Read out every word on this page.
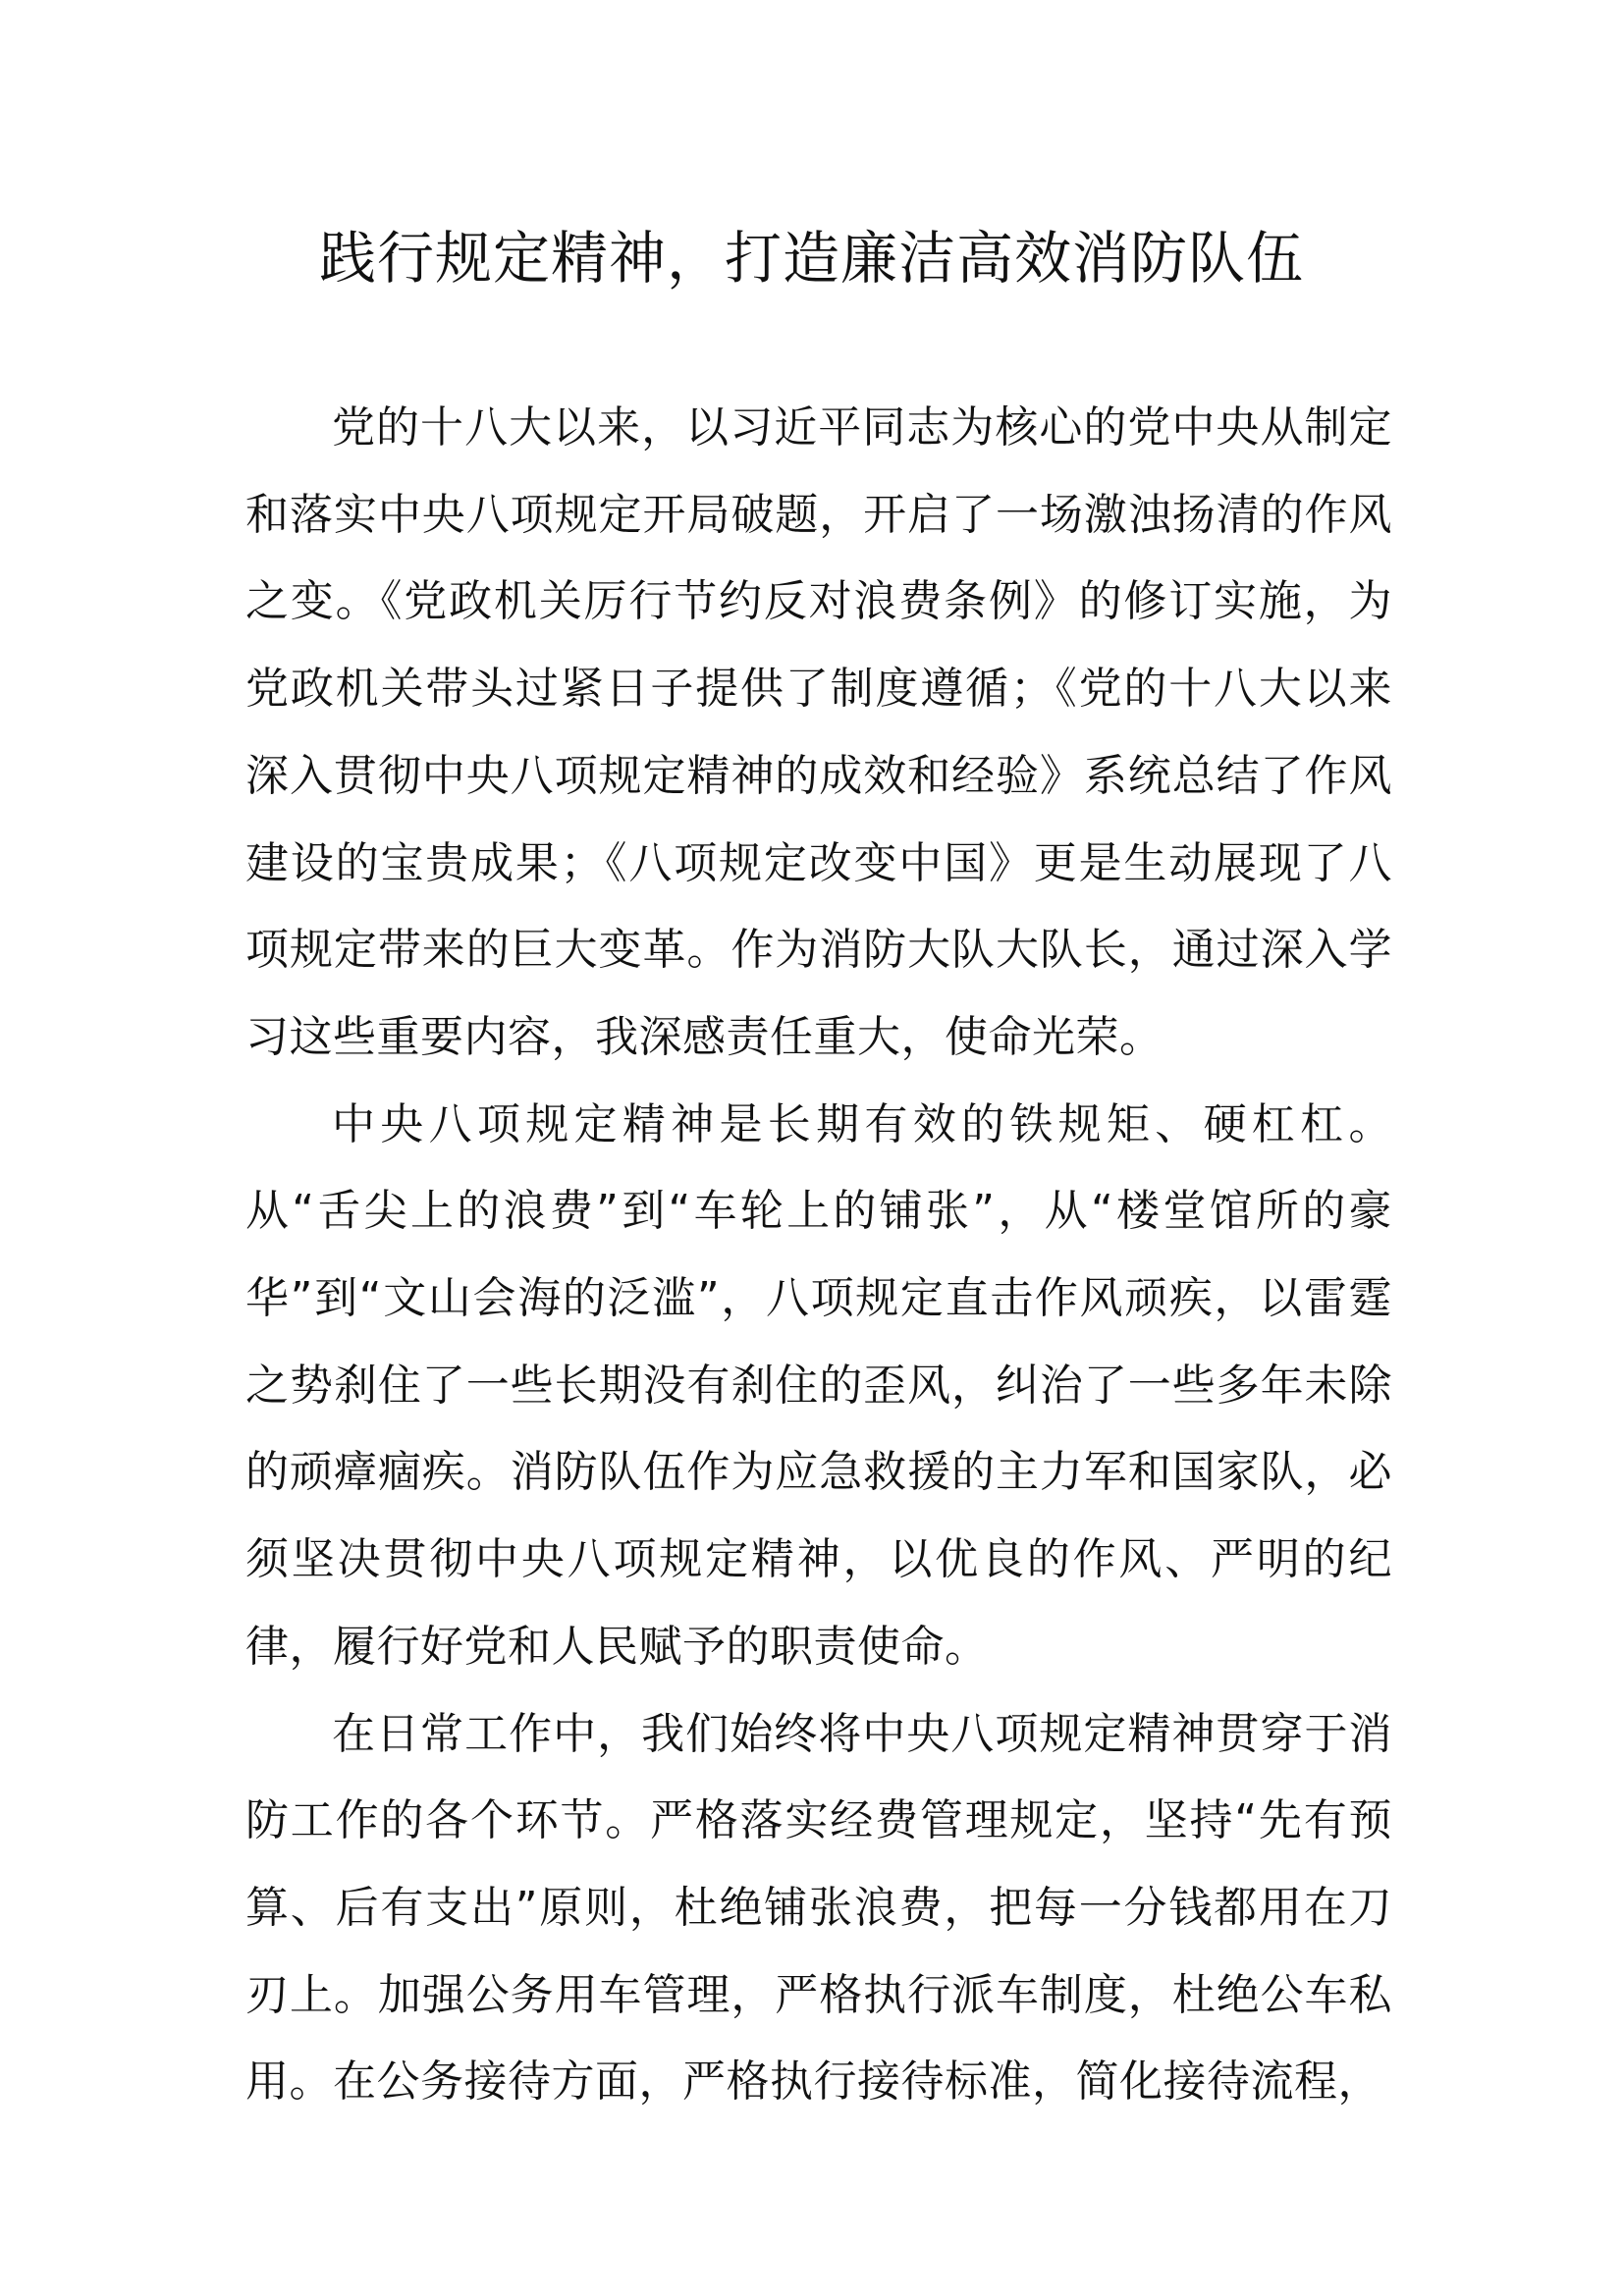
践行规定精神，打造廉洁高效消防队伍

党的十八大以来，以习近平同志为核心的党中央从制定和落实中央八项规定开局破题，开启了一场激浊扬清的作风之变。《党政机关厉行节约反对浪费条例》的修订实施，为党政机关带头过紧日子提供了制度遵循；《党的十八大以来深入贯彻中央八项规定精神的成效和经验》系统总结了作风建设的宝贵成果；《八项规定改变中国》更是生动展现了八项规定带来的巨大变革。作为消防大队大队长，通过深入学习这些重要内容，我深感责任重大，使命光荣。

中央八项规定精神是长期有效的铁规矩、硬杠杠。从“舌尖上的浪费”到“车轮上的铺张”，从“楼堂馆所的豪华”到“文山会海的泛滥”，八项规定直击作风顽疾，以雷霆之势刹住了一些长期没有刹住的歪风，纠治了一些多年未除的顽瘴痼疾。消防队伍作为应急救援的主力军和国家队，必须坚决贯彻中央八项规定精神，以优良的作风、严明的纪律，履行好党和人民赋予的职责使命。

在日常工作中，我们始终将中央八项规定精神贯穿于消防工作的各个环节。严格落实经费管理规定，坚持“先有预算、后有支出”原则，杜绝铺张浪费，把每一分钱都用在刀刃上。加强公务用车管理，严格执行派车制度，杜绝公车私用。在公务接待方面，严格执行接待标准，简化接待流程，
